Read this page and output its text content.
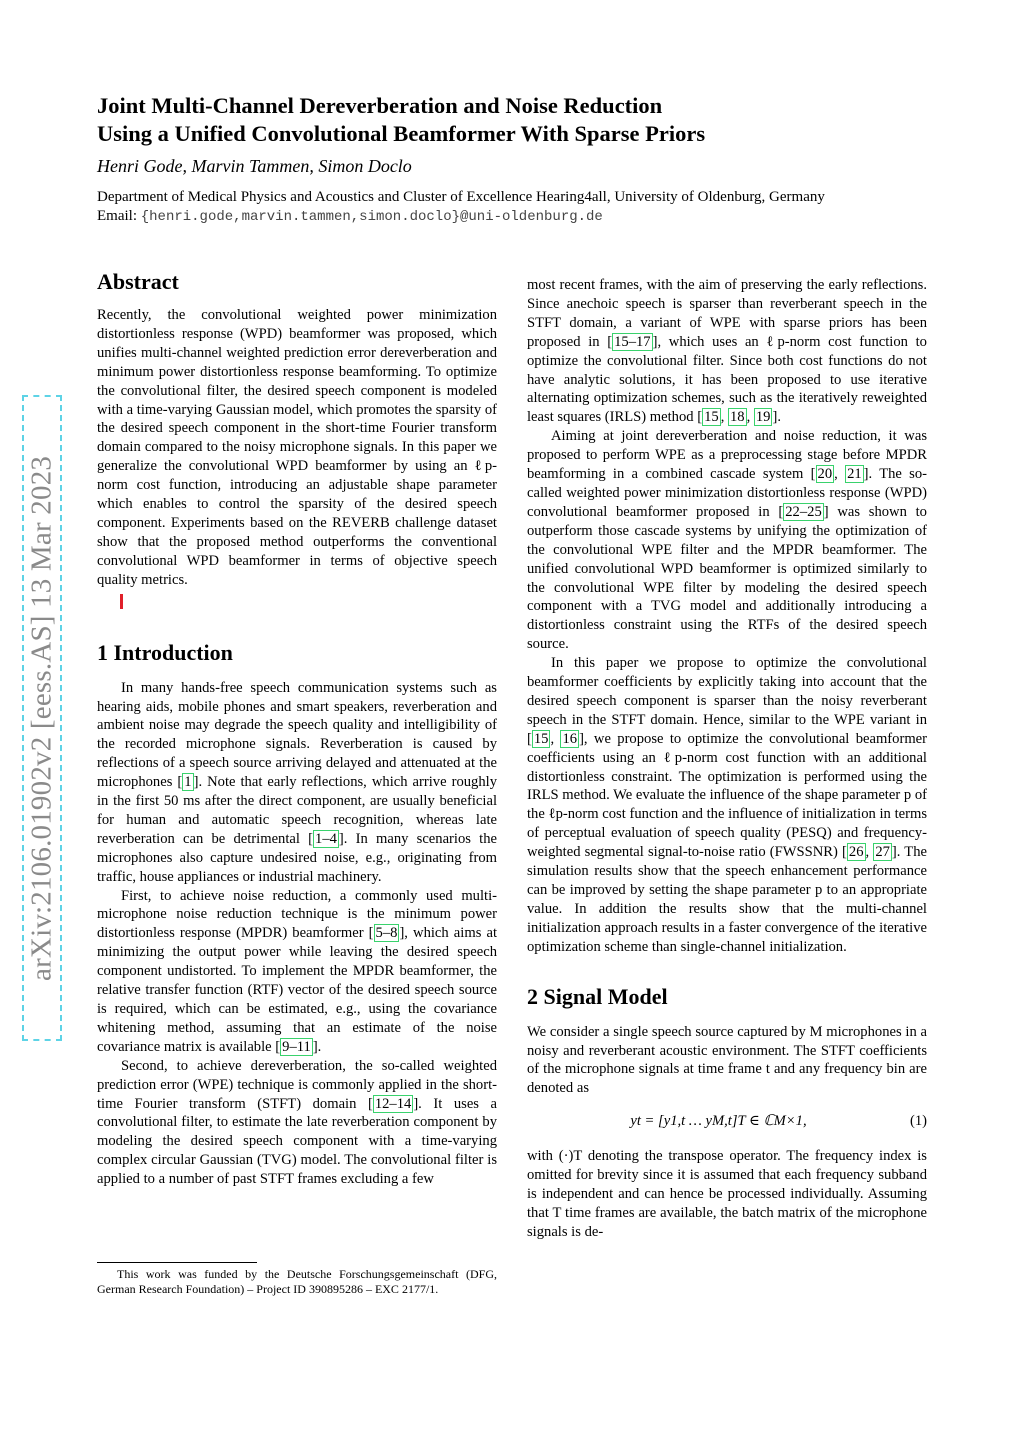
arXiv:2106.01902v2 [eess.AS] 13 Mar 2023
Joint Multi-Channel Dereverberation and Noise Reduction
Using a Unified Convolutional Beamformer With Sparse Priors
Henri Gode, Marvin Tammen, Simon Doclo
Department of Medical Physics and Acoustics and Cluster of Excellence Hearing4all, University of Oldenburg, Germany
Email: {henri.gode,marvin.tammen,simon.doclo}@uni-oldenburg.de
Abstract

Recently, the convolutional weighted power minimization distortionless response (WPD) beamformer was proposed, which unifies multi-channel weighted prediction error dereverberation and minimum power distortionless response beamforming. To optimize the convolutional filter, the desired speech component is modeled with a time-varying Gaussian model, which promotes the sparsity of the desired speech component in the short-time Fourier transform domain compared to the noisy microphone signals. In this paper we generalize the convolutional WPD beamformer by using an ℓp-norm cost function, introducing an adjustable shape parameter which enables to control the sparsity of the desired speech component. Experiments based on the REVERB challenge dataset show that the proposed method outperforms the conventional convolutional WPD beamformer in terms of objective speech quality metrics.

1 Introduction

In many hands-free speech communication systems such as hearing aids, mobile phones and smart speakers, reverberation and ambient noise may degrade the speech quality and intelligibility of the recorded microphone signals. Reverberation is caused by reflections of a speech source arriving delayed and attenuated at the microphones [ 1 ]. Note that early reflections, which arrive roughly in the first 50 ms after the direct component, are usually beneficial for human and automatic speech recognition, whereas late reverberation can be detrimental [ 1–4 ]. In many scenarios the microphones also capture undesired noise, e.g., originating from traffic, house appliances or industrial machinery.

First, to achieve noise reduction, a commonly used multi-microphone noise reduction technique is the minimum power distortionless response (MPDR) beamformer [ 5–8 ], which aims at minimizing the output power while leaving the desired speech component undistorted. To implement the MPDR beamformer, the relative transfer function (RTF) vector of the desired speech source is required, which can be estimated, e.g., using the covariance whitening method, assuming that an estimate of the noise covariance matrix is available [ 9–11 ].

Second, to achieve dereverberation, the so-called weighted prediction error (WPE) technique is commonly applied in the short-time Fourier transform (STFT) domain [ 12–14 ]. It uses a convolutional filter, to estimate the late reverberation component by modeling the desired speech component with a time-varying complex circular Gaussian (TVG) model. The convolutional filter is applied to a number of past STFT frames excluding a few

This work was funded by the Deutsche Forschungsgemeinschaft (DFG, German Research Foundation) – Project ID 390895286 – EXC 2177/1.

most recent frames, with the aim of preserving the early reflections. Since anechoic speech is sparser than reverberant speech in the STFT domain, a variant of WPE with sparse priors has been proposed in [ 15–17 ], which uses an ℓp-norm cost function to optimize the convolutional filter. Since both cost functions do not have analytic solutions, it has been proposed to use iterative alternating optimization schemes, such as the iteratively reweighted least squares (IRLS) method [ 15 , 18 , 19 ].

Aiming at joint dereverberation and noise reduction, it was proposed to perform WPE as a preprocessing stage before MPDR beamforming in a combined cascade system [ 20 , 21 ]. The so-called weighted power minimization distortionless response (WPD) convolutional beamformer proposed in [ 22–25 ] was shown to outperform those cascade systems by unifying the optimization of the convolutional WPE filter and the MPDR beamformer. The unified convolutional WPD beamformer is optimized similarly to the convolutional WPE filter by modeling the desired speech component with a TVG model and additionally introducing a distortionless constraint using the RTFs of the desired speech source.

In this paper we propose to optimize the convolutional beamformer coefficients by explicitly taking into account that the desired speech component is sparser than the noisy reverberant speech in the STFT domain. Hence, similar to the WPE variant in [ 15 , 16 ], we propose to optimize the convolutional beamformer coefficients using an ℓp-norm cost function with an additional distortionless constraint. The optimization is performed using the IRLS method. We evaluate the influence of the shape parameter p of the ℓp-norm cost function and the influence of initialization in terms of perceptual evaluation of speech quality (PESQ) and frequency-weighted segmental signal-to-noise ratio (FWSSNR) [ 26 , 27 ]. The simulation results show that the speech enhancement performance can be improved by setting the shape parameter p to an appropriate value. In addition the results show that the multi-channel initialization approach results in a faster convergence of the iterative optimization scheme than single-channel initialization.

2 Signal Model

We consider a single speech source captured by M microphones in a noisy and reverberant acoustic environment. The STFT coefficients of the microphone signals at time frame t and any frequency bin are denoted as

yt = [y1,t … yM,t]T ∈ ℂM×1,	(1)

with (·)T denoting the transpose operator. The frequency index is omitted for brevity since it is assumed that each frequency subband is independent and can hence be processed individually. Assuming that T time frames are available, the batch matrix of the microphone signals is de-
